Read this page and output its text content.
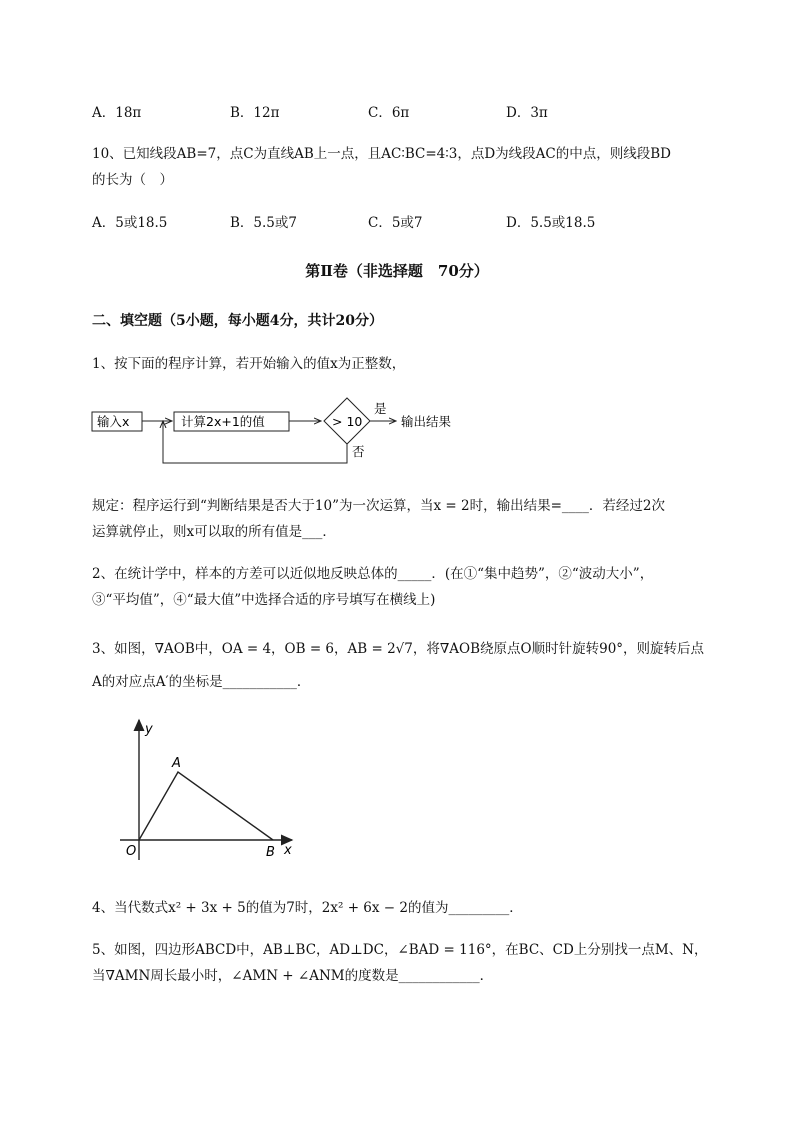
A．18π	B．12π	C．6π	D．3π
10、已知线段AB=7，点C为直线AB上一点，且AC∶BC=4∶3，点D为线段AC的中点，则线段BD
的长为（　）
A．5或18.5	B．5.5或7	C．5或7	D．5.5或18.5
第Ⅱ卷（非选择题　70分）
二、填空题（5小题，每小题4分，共计20分）
1、按下面的程序计算，若开始输入的值x为正整数，
输入x	计算2x+1的值	> 10
是
输出结果
否
规定：程序运行到“判断结果是否大于10”为一次运算，当x = 2时，输出结果=____．若经过2次
运算就停止，则x可以取的所有值是___．
2、在统计学中，样本的方差可以近似地反映总体的_____．(在①“集中趋势”，②“波动大小”，
③“平均值”，④“最大值”中选择合适的序号填写在横线上)
3、如图，∇AOB中，OA = 4，OB = 6，AB = 2√7，将∇AOB绕原点O顺时针旋转90°，则旋转后点
A的对应点A′的坐标是___________．
y
x
O
A
B
4、当代数式x² + 3x + 5的值为7时，2x² + 6x − 2的值为_________．
5、如图，四边形ABCD中，AB⊥BC，AD⊥DC，∠BAD = 116°，在BC、CD上分别找一点M、N，
当∇AMN周长最小时，∠AMN + ∠ANM的度数是____________．
